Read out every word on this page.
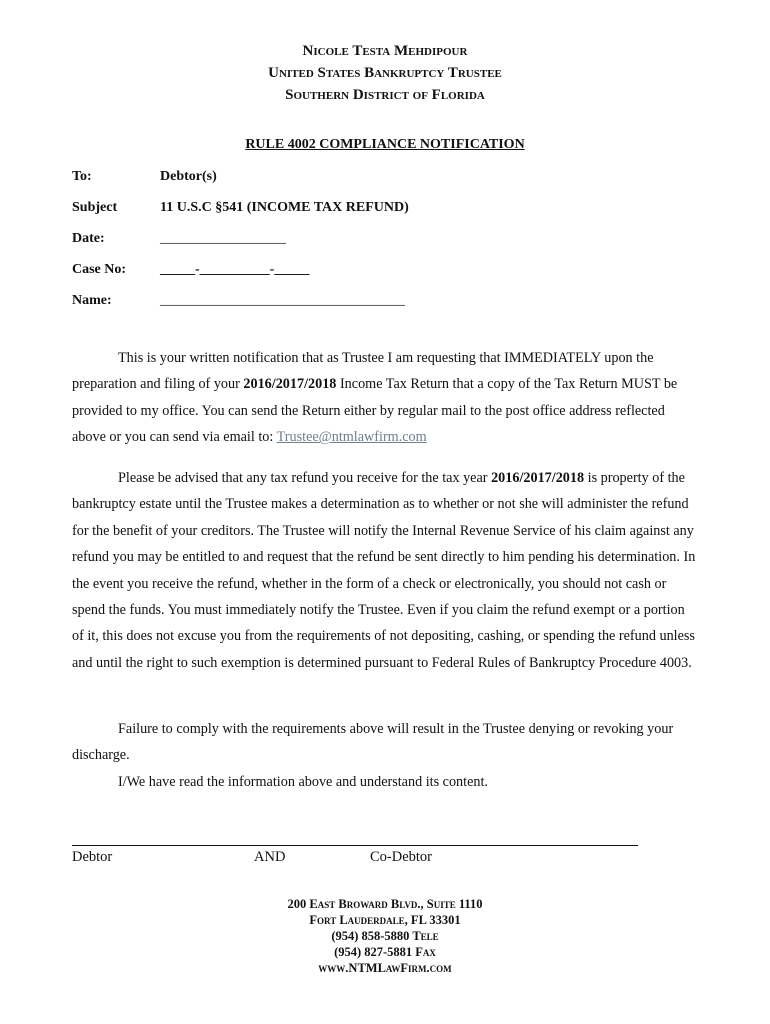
Nicole Testa Mehdipour
United States Bankruptcy Trustee
Southern District of Florida
RULE 4002 COMPLIANCE NOTIFICATION
To:	Debtor(s)
Subject	11 U.S.C §541 (INCOME TAX REFUND)
Date:	__________________
Case No: _____-__________-_____
Name:	___________________________________
This is your written notification that as Trustee I am requesting that IMMEDIATELY upon the preparation and filing of your 2016/2017/2018 Income Tax Return that a copy of the Tax Return MUST be provided to my office. You can send the Return either by regular mail to the post office address reflected above or you can send via email to: Trustee@ntmlawfirm.com
Please be advised that any tax refund you receive for the tax year 2016/2017/2018 is property of the bankruptcy estate until the Trustee makes a determination as to whether or not she will administer the refund for the benefit of your creditors. The Trustee will notify the Internal Revenue Service of his claim against any refund you may be entitled to and request that the refund be sent directly to him pending his determination. In the event you receive the refund, whether in the form of a check or electronically, you should not cash or spend the funds. You must immediately notify the Trustee. Even if you claim the refund exempt or a portion of it, this does not excuse you from the requirements of not depositing, cashing, or spending the refund unless and until the right to such exemption is determined pursuant to Federal Rules of Bankruptcy Procedure 4003.
Failure to comply with the requirements above will result in the Trustee denying or revoking your discharge.
I/We have read the information above and understand its content.
Debtor	AND	Co-Debtor
200 East Broward Blvd., Suite 1110
Fort Lauderdale, FL 33301
(954) 858-5880 Tele
(954) 827-5881 Fax
www.NTMLawFirm.com
